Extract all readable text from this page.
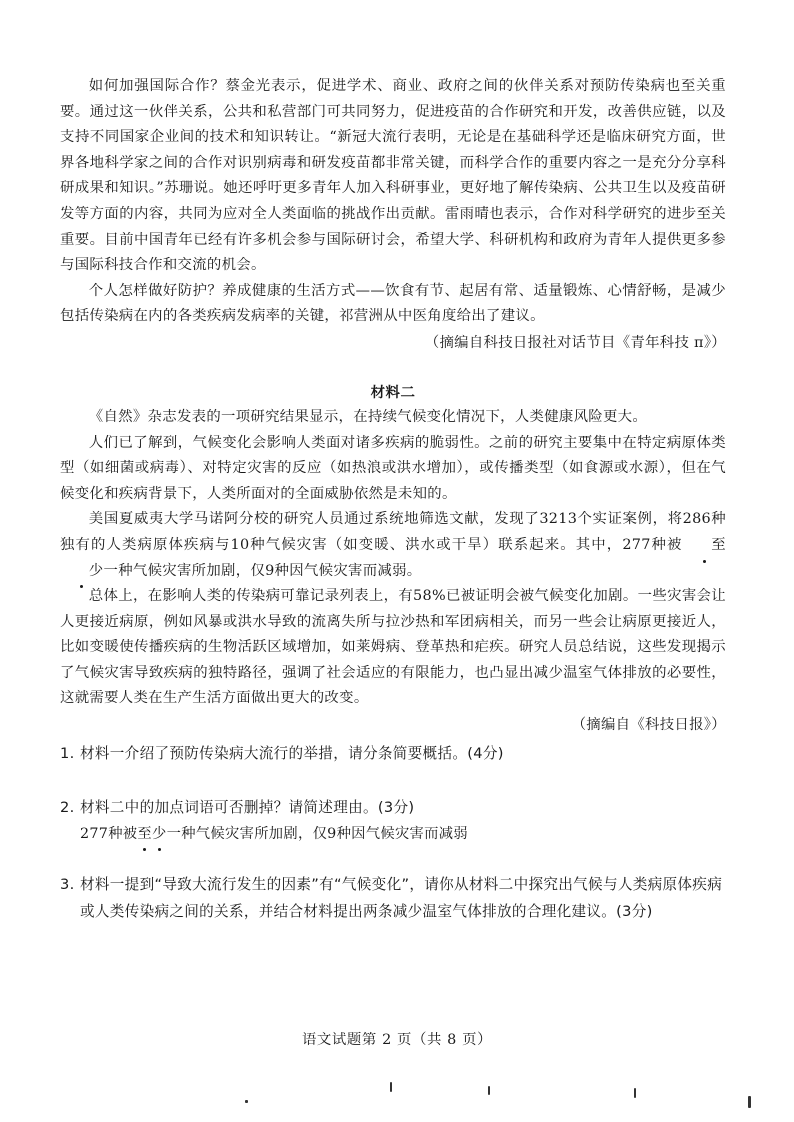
如何加强国际合作？蔡金光表示，促进学术、商业、政府之间的伙伴关系对预防传染病也至关重要。通过这一伙伴关系，公共和私营部门可共同努力，促进疫苗的合作研究和开发，改善供应链，以及支持不同国家企业间的技术和知识转让。“新冠大流行表明，无论是在基础科学还是临床研究方面，世界各地科学家之间的合作对识别病毒和研发疫苗都非常关键，而科学合作的重要内容之一是充分分享科研成果和知识。”苏珊说。她还呼吁更多青年人加入科研事业，更好地了解传染病、公共卫生以及疫苗研发等方面的内容，共同为应对全人类面临的挑战作出贡献。雷雨晴也表示，合作对科学研究的进步至关重要。目前中国青年已经有许多机会参与国际研讨会，希望大学、科研机构和政府为青年人提供更多参与国际科技合作和交流的机会。

个人怎样做好防护？养成健康的生活方式——饮食有节、起居有常、适量锻炼、心情舒畅，是减少包括传染病在内的各类疾病发病率的关键，祁营洲从中医角度给出了建议。

（摘编自科技日报社对话节目《青年科技 π》）

材料二

《自然》杂志发表的一项研究结果显示，在持续气候变化情况下，人类健康风险更大。

人们已了解到，气候变化会影响人类面对诸多疾病的脆弱性。之前的研究主要集中在特定病原体类型（如细菌或病毒）、对特定灾害的反应（如热浪或洪水增加），或传播类型（如食源或水源），但在气候变化和疾病背景下，人类所面对的全面威胁依然是未知的。

美国夏威夷大学马诺阿分校的研究人员通过系统地筛选文献，发现了3213个实证案例，将286种独有的人类病原体疾病与10种气候灾害（如变暖、洪水或干旱）联系起来。其中，277种被 至少一种气候灾害所加剧，仅9种因气候灾害而减弱。

总体上，在影响人类的传染病可靠记录列表上，有58%已被证明会被气候变化加剧。一些灾害会让人更接近病原，例如风暴或洪水导致的流离失所与拉沙热和军团病相关，而另一些会让病原更接近人，比如变暖使传播疾病的生物活跃区域增加，如莱姆病、登革热和疟疾。研究人员总结说，这些发现揭示了气候灾害导致疾病的独特路径，强调了社会适应的有限能力，也凸显出减少温室气体排放的必要性，这就需要人类在生产生活方面做出更大的改变。

（摘编自《科技日报》）

1. 材料一介绍了预防传染病大流行的举措，请分条简要概括。(4分)

2. 材料二中的加点词语可否删掉？请简述理由。(3分)

277种被至少一种气候灾害所加剧，仅9种因气候灾害而减弱

3. 材料一提到“导致大流行发生的因素”有“气候变化”，请你从材料二中探究出气候与人类病原体疾病或人类传染病之间的关系，并结合材料提出两条减少温室气体排放的合理化建议。(3分)

语文试题第 2 页（共 8 页）
